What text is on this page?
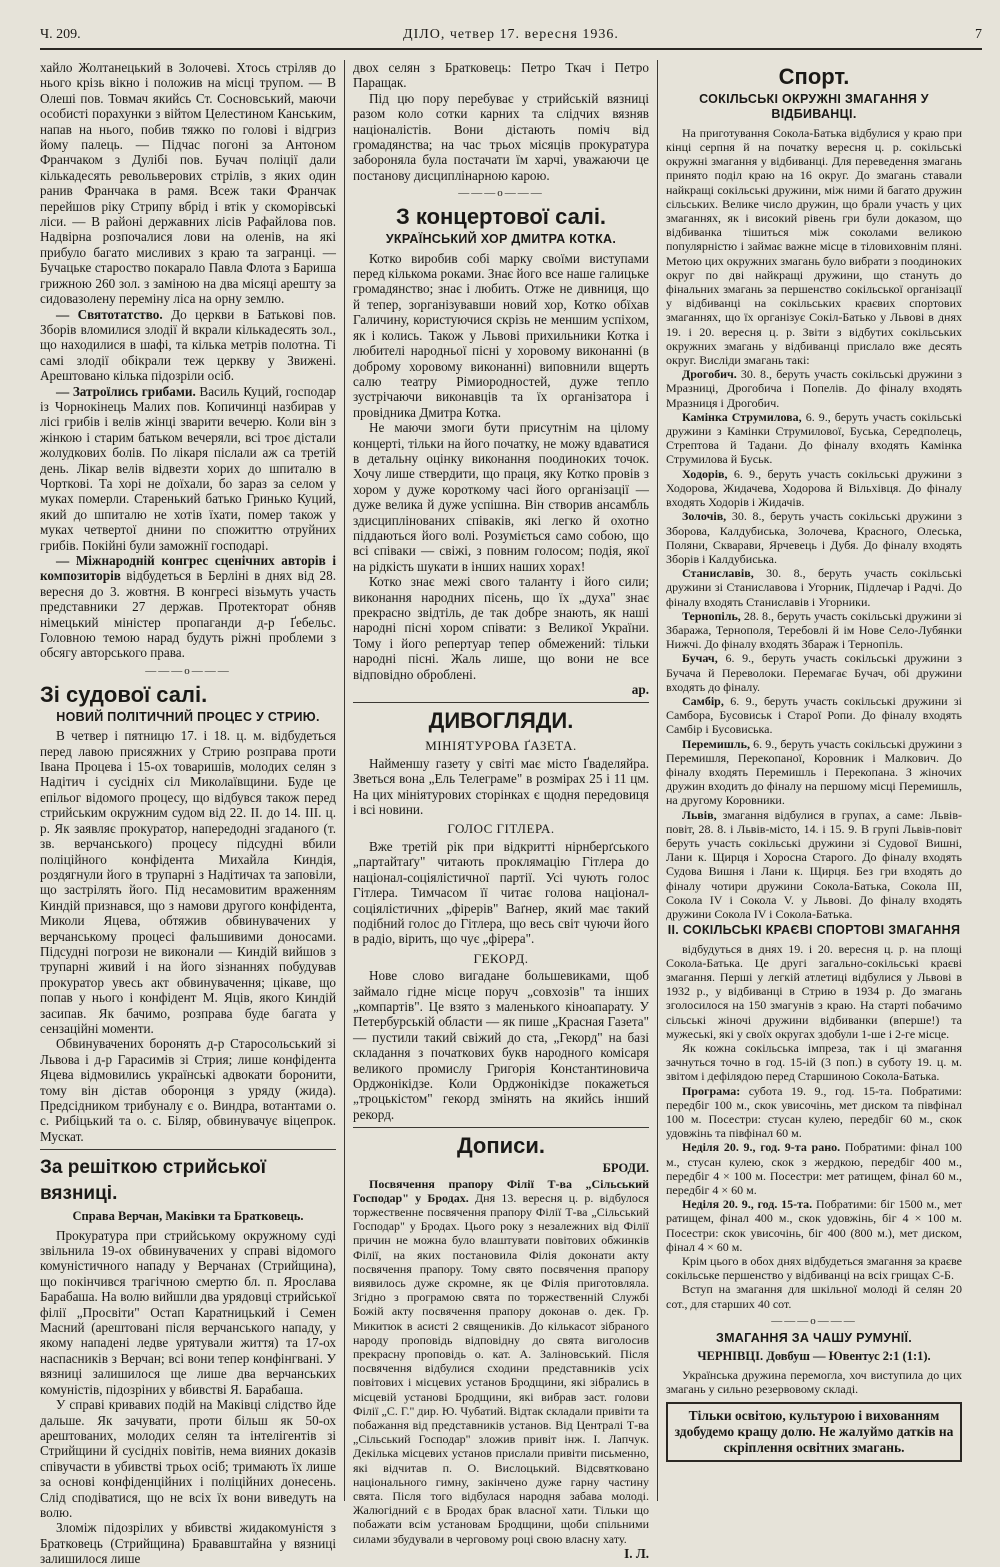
Ч. 209.	ДІЛО, четвер 17. вересня 1936.	7

хайло Жолтанецький в Золочеві. Хтось стріляв до нього крізь вікно і положив на місці трупом. — В Олеші пов. Товмач якийсь Ст. Сосновський, маючи особисті порахунки з війтом Целестином Канським, напав на нього, побив тяжко по голові і відгриз йому палець. — Підчас погоні за Антоном Франчаком з Дулібі пов. Бучач поліції дали кількадесять револьверових стрілів, з яких один ранив Франчака в рамя. Всеж таки Франчак перейшов ріку Стрипу вбрід і втік у скоморівські ліси. — В районі державних лісів Рафайлова пов. Надвірна розпочалися лови на оленів, на які прибуло багато мисливих з краю та загранці. — Бучацьке староство покарало Павла Флота з Бариша грижною 260 зол. з заміною на два місяці арешту за сидовазолену переміну ліса на орну землю.

— Святотатство. До церкви в Батькові пов. Зборів вломилися злодії й вкрали кількадесять зол., що находилися в шафі, та кілька метрів полотна. Ті самі злодії обікрали теж церкву у Звижені. Арештовано кілька підозріли осіб.

— Затроїлись грибами. Василь Куций, господар із Чорнокінець Малих пов. Копичинці назбирав у лісі грибів і велів жінці зварити вечерю. Коли він з жінкою і старим батьком вечеряли, всі троє дістали жолудкових болів. По лікаря післали аж са третій день. Лікар велів відвезти хорих до шпиталю в Чорткові. Та хорі не доїхали, бо зараз за селом у муках померли. Старенький батько Гринько Куций, який до шпиталю не хотів їхати, помер також у муках четвертої днини по спожиттю отруйних грибів. Покійні були заможнії господарі.

— Міжнародній конгрес сценічних авторів і композиторів відбудеться в Берліні в днях від 28. вересня до 3. жовтня. В конгресі візьмуть участь представники 27 держав. Протекторат обняв німецький міністер пропаганди д-р Ґебельс. Головною темою нарад будуть ріжні проблеми з обсягу авторського права.

———o———
Зі судової салі.
НОВИЙ ПОЛІТИЧНИЙ ПРОЦЕС У СТРИЮ.

В четвер і пятницю 17. і 18. ц. м. відбудеться перед лавою присяжних у Стрию розправа проти Івана Процева і 15-ох товаришів, молодих селян з Надітич і сусідніх сіл Миколаївщини. Буде це епільог відомого процесу, що відбувся також перед стрийським окружним судом від 22. II. до 14. III. ц. р. Як заявляє прокуратор, напередодні згаданого (т. зв. верчанського) процесу підсудні вбили поліційного конфідента Михайла Киндія, роздягнули його в трупарні з Надітичах та заповіли, що застрілять його. Під несамовитим враженням Киндій признався, що з намови другого конфідента, Миколи Яцева, обтяжив обвинувачених у верчанському процесі фальшивими доносами. Підсудні погрози не виконали — Киндій вийшов з трупарні живий і на його зізнаннях побудував прокуратор увесь акт обвинувачення; цікаве, що попав у нього і конфідент М. Яців, якого Киндій засипав. Як бачимо, розправа буде багата у сензаційні моменти.

Обвинувачених боронять д-р Старосольський зі Львова і д-р Гарасимів зі Стрия; лише конфідента Яцева відмовились українські адвокати боронити, тому він дістав оборонця з уряду (жида). Предсідником трибуналу є о. Виндра, вотантами о. с. Рибіцький та о. с. Біляр, обвинувачує віцепрок. Мускат.

За решіткою стрийської вязниці.
Справа Верчан, Маківки та Братковець.

Прокуратура при стрийському окружному суді звільнила 19-ох обвинувачених у справі відомого комуністичного нападу у Верчанах (Стрийщина), що покінчився трагічною смертю бл. п. Ярослава Барабаша. На волю вийшли два урядовці стрийської філії „Просвіти" Остап Каратницький і Семен Масний (арештовані після верчанського нападу, у якому нападені ледве урятували життя) та 17-ох наспасників з Верчан; всі вони тепер конфінгвані. У вязниці залишилося ще лише два верчанських комуністів, підозріних у вбивстві Я. Барабаша.

У справі кривавих подій на Маківці слідство йде дальше. Як зачувати, проти більш як 50-ох арештованих, молодих селян та інтелігентів зі Стрийщини й сусідніх повітів, нема вияних доказів співучасти в убивстві трьох осіб; тримають їх лише за основі конфіденційних і поліційних донесень. Слід сподіватися, що не всіх їх вони виведуть на волю.

Зломіж підозрілих у вбивстві жидакомуністя з Братковець (Стрийщина) Брававштайна у вязниці залишилося лише

двох селян з Братковець: Петро Ткач і Петро Паращак.

Під цю пору перебуває у стрийській вязниці разом коло сотки карних та слідчих вязняв націоналістів. Вони дістають поміч від громадянства; на час трьох місяців прокуратура забороняла була постачати їм харчі, уважаючи це постанову дисциплінарною карою.

———o———
З концертової салі.
УКРАЇНСЬКИЙ ХОР ДМИТРА КОТКА.

Котко виробив собі марку своїми виступами перед кількома роками. Знає його все наше галицьке громадянство; знає і любить. Отже не дивниця, що й тепер, зорганізувавши новий хор, Котко обїхав Галичину, користуючися скрізь не меншим успіхом, як і колись. Також у Львові прихильники Котка і любителі народньої пісні у хоровому виконанні (в доброму хоровому виконанні) виповнили вщерть салю театру Рімиородностей, дуже тепло зустрічаючи виконавців та їх організатора і провідника Дмитра Котка.

Не маючи змоги бути присутнім на цілому концерті, тільки на його початку, не можу вдаватися в детальну оцінку виконання поодиноких точок. Хочу лише ствердити, що праця, яку Котко провів з хором у дуже короткому часі його організації — дуже велика й дуже успішна. Він створив ансамбль здисциплінованих співаків, які легко й охотно піддаються його волі. Розуміється само собою, що всі співаки — свіжі, з повним голосом; подія, якої на рідкість шукати в інших наших хорах!

Котко знає межі свого таланту і його сили; виконання народних пісень, що їх „духа" знає прекрасно звідтіль, де так добре знають, як наші народні пісні хором співати: з Великої України. Тому і його репертуар тепер обмежений: тільки народні пісні. Жаль лише, що вони не все відповідно оброблені.

ар.
ДИВОГЛЯДИ.
МІНІЯТУРОВА ҐАЗЕТА.

Найменшу газету у світі має місто Ґваделяйра. Зветься вона „Ель Телеграме" в розмірах 25 і 11 цм. На цих мініятурових сторінках є щодня передовиця і всі новини.

ГОЛОС ГІТЛЕРА.

Вже третій рік при відкритті нірнберґського „партайтаґу" читають проклямацію Гітлера до націонал-соціялістичної партії. Усі чують голос Гітлера. Тимчасом її читає голова націонал-соціялістичних „фірерів" Ваґнер, який має такий подібний голос до Гітлера, що весь світ чуючи його в радіо, вірить, що чує „фірера".

ГЕКОРД.

Нове слово вигадане большевиками, щоб займало гідне місце поруч „совхозів" та інших „компартів". Це взято з маленького кіноапарату. У Петербурській области — як пише „Красная Газета" — пустили такий свіжий до ста, „Гекорд" на базі складання з початкових букв народного комісаря великого промислу Григорія Константиновича Орджонікідзе. Коли Орджонікідзе покажеться „троцькістом" гекорд змінять на якийсь інший рекорд.

Дописи.
БРОДИ.

Посвячення прапору Філії Т-ва „Сільський Господар" у Бродах. Дня 13. вересня ц. р. відбулося торжественне посвячення прапору Філії Т-ва „Сільський Господар" у Бродах. Цього року з незалежних від Філії причин не можна було влаштувати повітових обжинків Філії, на яких постановила Філія доконати акту посвячення прапору. Тому свято посвячення прапору виявилось дуже скромне, як це Філія приготовляла. Згідно з програмою свята по торжественній Службі Божій акту посвячення прапору доконав о. дек. Гр. Микитюк в асисті 2 священиків. До кількасот зібраного народу проповідь відповідну до свята виголосив прекрасну проповідь о. кат. А. Заліновський. Після посвячення відбулися сходини представників усіх повітових і мiсцевих установ Бродщини, які зібрались в місцевій установі Бродщини, які вибрав заст. голови Філії „С. Г." дир. Ю. Чубатий. Відтак складали привіти та побажання від представників установ. Від Централі Т-ва „Сільський Господар" зложив привіт інж. І. Лапчук. Декілька мiсцевих установ прислали привіти письменно, які відчитав п. О. Вислоцький. Відсвятковано національного гимну, закінчено дуже гарну частину свята. Після того відбулася народня забава молоді. Жалюгідний є в Бродах брак власної хати. Тільки що побажати всім установам Бродщини, щоби спільними силами збудували в черговому році свою власну хату.

І. Л.
Спорт.
СОКІЛЬСЬКІ ОКРУЖНІ ЗМАГАННЯ У ВІДБИВАНЦІ.

На приготування Сокола-Батька відбулися у краю при кінці серпня й на початку вересня ц. р. сокільські окружні змагання у відбиванці. Для переведення змагань принято поділ краю на 16 округ. До змагань ставали найкращі сокільські дружини, між ними й багато дружин сільських. Велике число дружин, що брали участь у цих змаганнях, як і високий рівень гри були доказом, що відбиванка тішиться між соколами великою популярністю і займає важне місце в тіловиховнім пляні. Метою цих окружних змагань було вибрати з поодиноких округ по дві найкращі дружини, що стануть до фінальних змагань за першенство сокільської організації у відбиванці на сокільських краєвих спортових змаганнях, що їх організує Сокіл-Батько у Львові в днях 19. і 20. вересня ц. р. Звіти з відбутих сокільських окружних змагань у відбиванці прислало вже десять округ. Висліди змагань такі:

Дрогобич. 30. 8., беруть участь сокільські дружини з Мразниці, Дрогобича і Попелів. До фіналу входять Мразниця і Дрогобич.

Камінка Струмилова, 6. 9., беруть участь сокільські дружини з Камінки Струмилової, Буська, Середполець, Стрептова й Тадани. До фіналу входять Камінка Струмилова й Буськ.

Ходорів, 6. 9., беруть участь сокільські дружини з Ходорова, Жидачева, Ходорова й Вільхівця. До фіналу входять Ходорів і Жидачів.

Золочів, 30. 8., беруть участь сокільські дружини з Зборова, Калдубиська, Золочева, Красного, Олеська, Поляни, Скварави, Ярчевець і Дубя. До фіналу входять Зборів і Калдубиська.

Станиславів, 30. 8., беруть участь сокільські дружини зі Станиславова і Угорник, Підлечар і Радчі. До фіналу входять Станиславів і Угорники.

Тернопіль, 28. 8., беруть участь сокільські дружини зі Збаража, Тернополя, Теребовлі й ім Нове Село-Лубянки Нижчі. До фіналу входять Збараж і Тернопіль.

Бучач, 6. 9., беруть участь сокільські дружини з Бучача й Переволоки. Перемагає Бучач, обі дружини входять до фіналу.

Самбір, 6. 9., беруть участь сокільські дружини зі Самбора, Бусовиськ і Старої Ропи. До фіналу входять Самбір і Бусовиська.

Перемишль, 6. 9., беруть участь сокільські дружини з Перемишля, Перекопаної, Коровник і Малкович. До фіналу входять Перемишль і Перекопана. З жіночих дружин входить до фіналу на першому місці Перемишль, на другому Коровники.

Львів, змагання відбулися в групах, а саме: Львів-повіт, 28. 8. і Львів-місто, 14. і 15. 9. В групі Львів-повіт беруть участь сокільські дружини зі Судової Вишні, Лани к. Щирця і Хоросна Старого. До фіналу входять Судова Вишня і Лани к. Щирця. Без гри входять до фіналу чотири дружини Сокола-Батька, Сокола III, Сокола IV і Сокола V. у Львові. До фіналу входять дружини Сокола IV і Сокола-Батька.

II. СОКІЛЬСЬКІ КРАЄВІ СПОРТОВІ ЗМАГАННЯ

відбудуться в днях 19. і 20. вересня ц. р. на площі Сокола-Батька. Це другі загально-сокільські краєві змагання. Перші у легкій атлетиці відбулися у Львові в 1932 р., у відбиванці в Стрию в 1934 р. До змагань зголосилося на 150 змагунів з краю. На старті побачимо сільські жіночі дружини відбиванки (вперше!) та мужеські, які у своїх округах здобули 1-ше і 2-ге місце.

Як кожна сокільська імпреза, так і ці змагання зачнуться точно в год. 15-ій (3 поп.) в суботу 19. ц. м. звітом і дефілядою перед Старшиною Сокола-Батька.

Програма: субота 19. 9., год. 15-та. Побратими: передбіг 100 м., скок увисочінь, мет диском та півфінал 100 м. Посестри: стусан кулею, передбіг 60 м., скок удовжінь та півфінал 60 м.

Неділя 20. 9., год. 9-та рано. Побратими: фінал 100 м., стусан кулею, скок з жердкою, передбіг 400 м., передбіг 4 × 100 м. Посестри: мет ратищем, фінал 60 м., передбіг 4 × 60 м.

Неділя 20. 9., год. 15-та. Побратими: біг 1500 м., мет ратищем, фінал 400 м., скок удовжінь, біг 4 × 100 м. Посестри: скок увисочінь, біг 400 (800 м.), мет диском, фінал 4 × 60 м.

Крім цього в обох днях відбудеться змагання за краєве сокільське першенство у відбиванці на всіх грищах С-Б.

Вступ на змагання для шкільної молоді й селян 20 сот., для старших 40 сот.

———o———
ЗМАГАННЯ ЗА ЧАШУ РУМУНІЇ.
ЧЕРНІВЦІ. Довбуш — Ювентус 2:1 (1:1).

Українська дружина перемогла, хоч виступила до цих змагань у сильно резервовому складі.

Тільки освітою, культурою і вихованням здобудемо кращу долю. Не жалуймо датків на скріплення освітних змагань.
